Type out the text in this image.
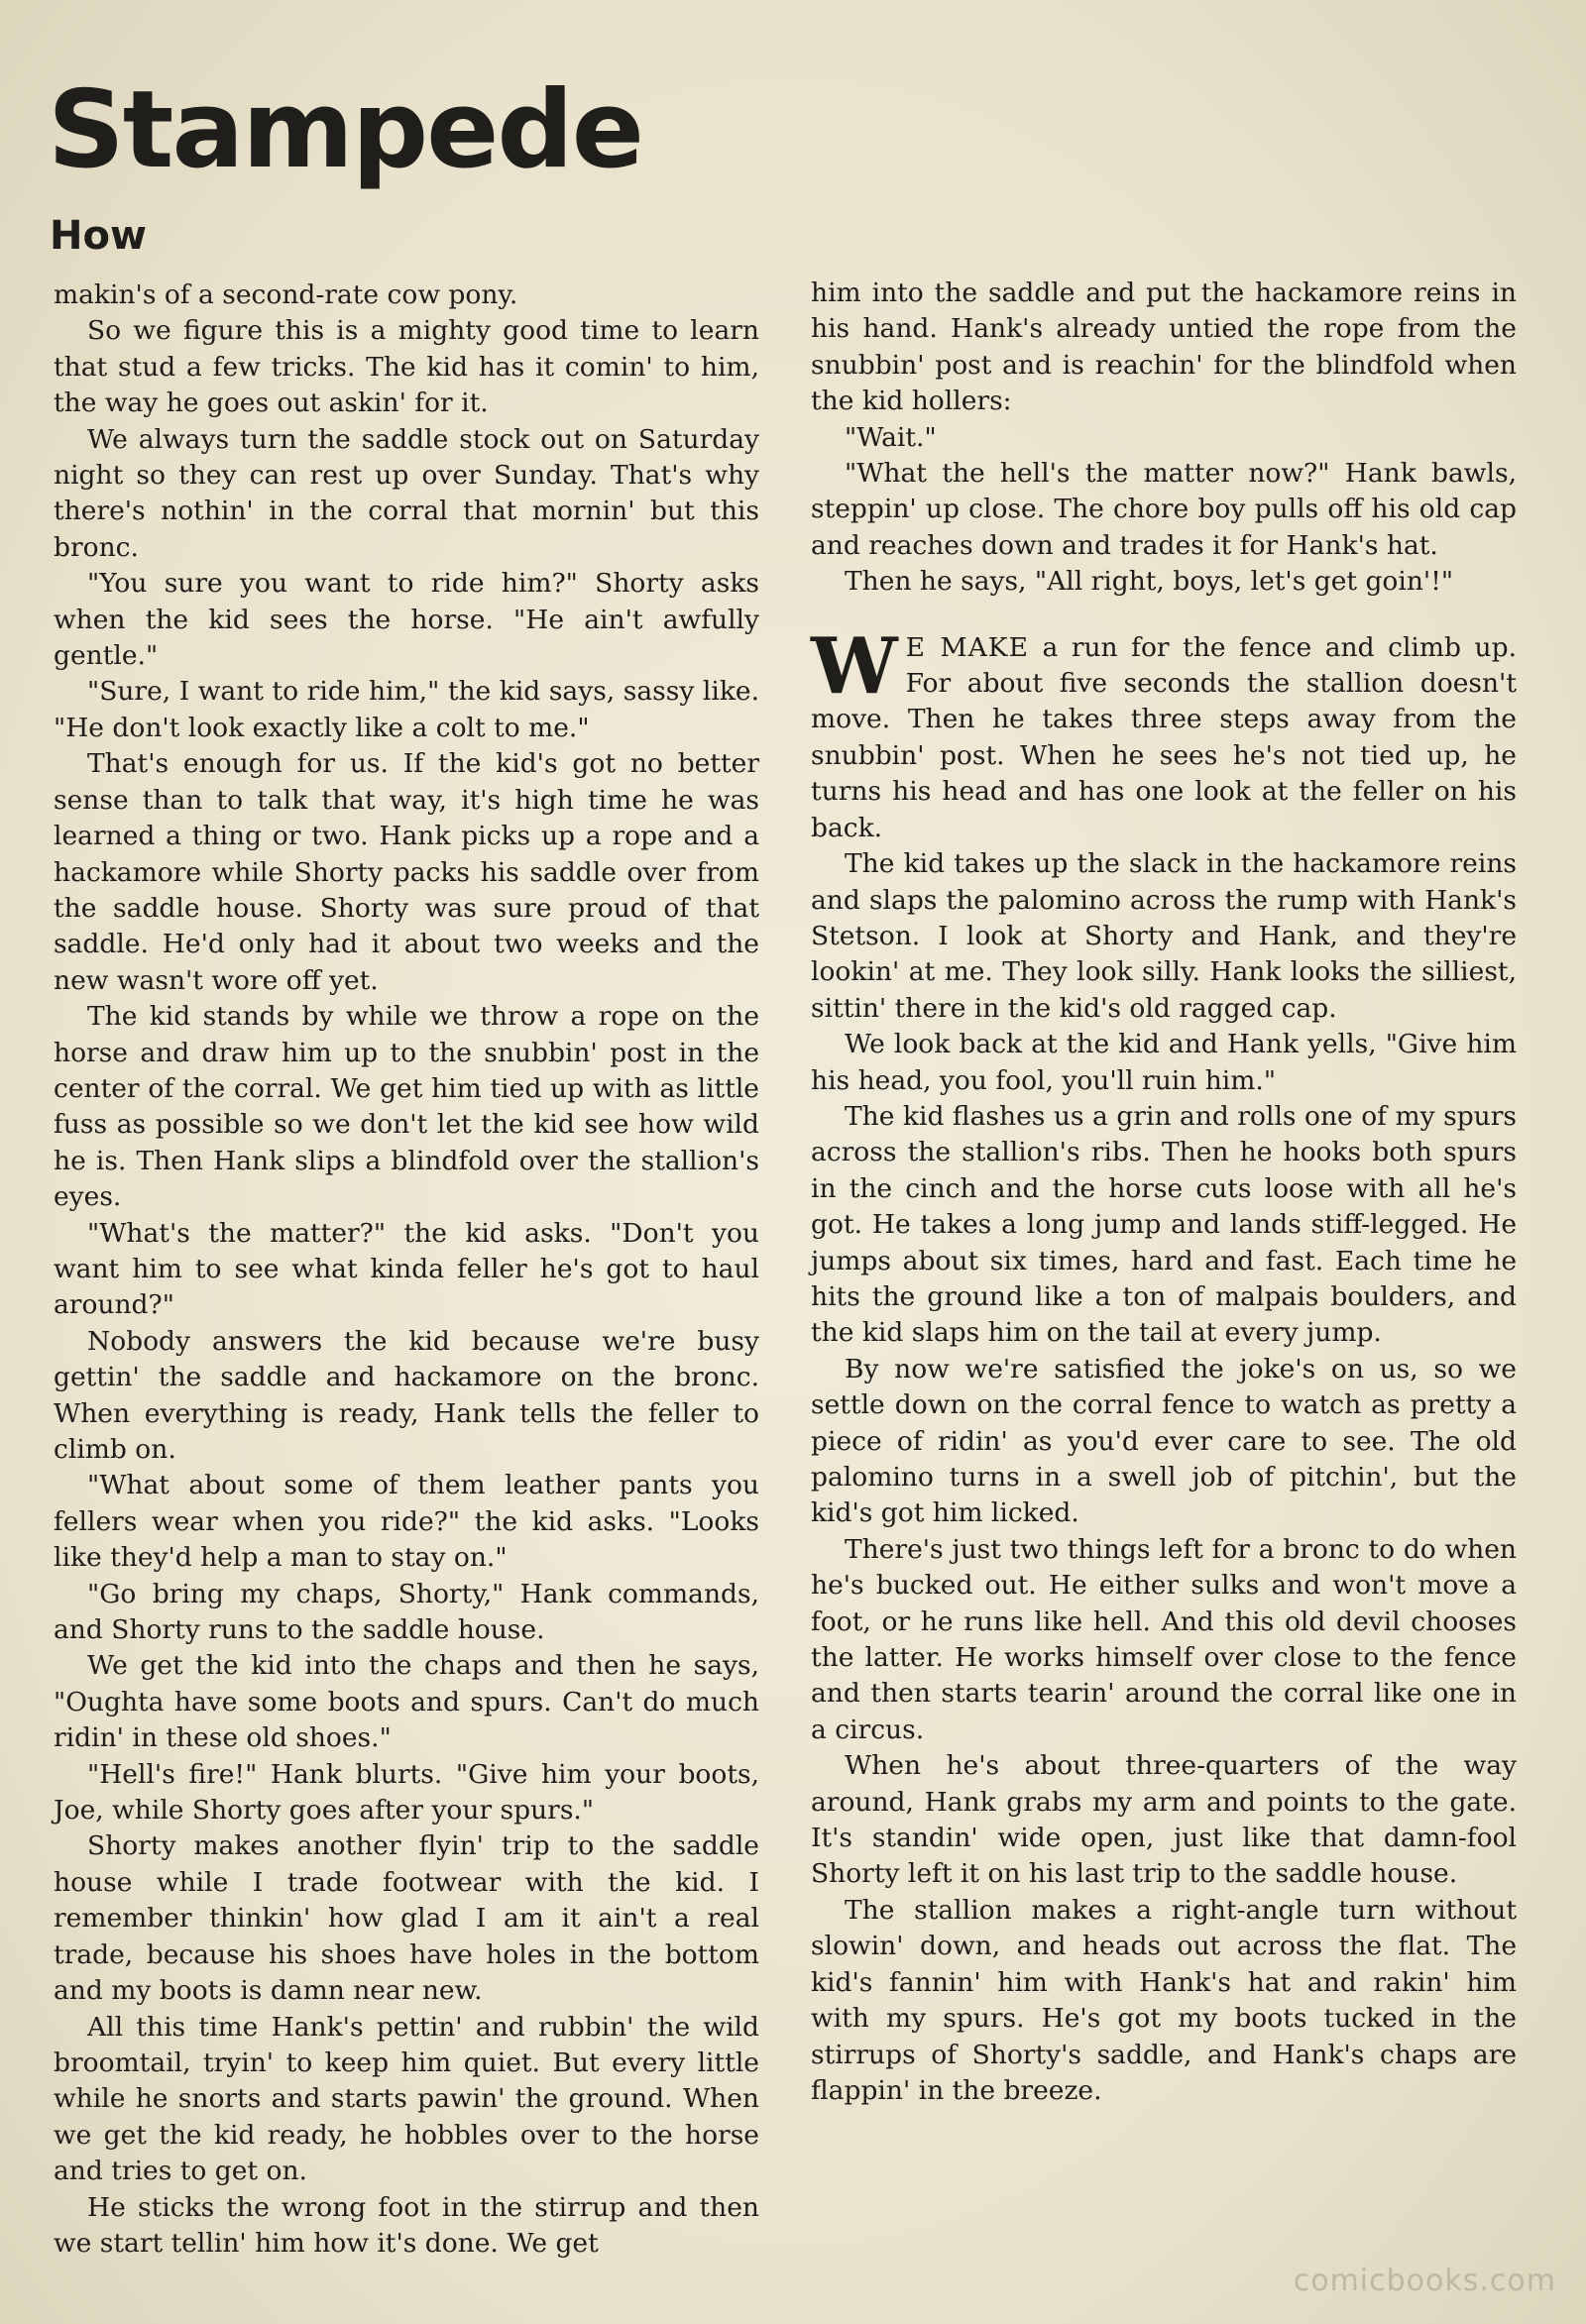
Stampede
How

makin's of a second-rate cow pony.

So we figure this is a mighty good time to learn that stud a few tricks. The kid has it comin' to him, the way he goes out askin' for it.

We always turn the saddle stock out on Saturday night so they can rest up over Sunday. That's why there's nothin' in the corral that mornin' but this bronc.

"You sure you want to ride him?" Shorty asks when the kid sees the horse. "He ain't awfully gentle."

"Sure, I want to ride him," the kid says, sassy like. "He don't look exactly like a colt to me."

That's enough for us. If the kid's got no better sense than to talk that way, it's high time he was learned a thing or two. Hank picks up a rope and a hackamore while Shorty packs his saddle over from the saddle house. Shorty was sure proud of that saddle. He'd only had it about two weeks and the new wasn't wore off yet.

The kid stands by while we throw a rope on the horse and draw him up to the snubbin' post in the center of the corral. We get him tied up with as little fuss as possible so we don't let the kid see how wild he is. Then Hank slips a blindfold over the stallion's eyes.

"What's the matter?" the kid asks. "Don't you want him to see what kinda feller he's got to haul around?"

Nobody answers the kid because we're busy gettin' the saddle and hackamore on the bronc. When everything is ready, Hank tells the feller to climb on.

"What about some of them leather pants you fellers wear when you ride?" the kid asks. "Looks like they'd help a man to stay on."

"Go bring my chaps, Shorty," Hank commands, and Shorty runs to the saddle house.

We get the kid into the chaps and then he says, "Oughta have some boots and spurs. Can't do much ridin' in these old shoes."

"Hell's fire!" Hank blurts. "Give him your boots, Joe, while Shorty goes after your spurs."

Shorty makes another flyin' trip to the saddle house while I trade footwear with the kid. I remember thinkin' how glad I am it ain't a real trade, because his shoes have holes in the bottom and my boots is damn near new.

All this time Hank's pettin' and rubbin' the wild broomtail, tryin' to keep him quiet. But every little while he snorts and starts pawin' the ground. When we get the kid ready, he hobbles over to the horse and tries to get on.

He sticks the wrong foot in the stirrup and then we start tellin' him how it's done. We get

him into the saddle and put the hackamore reins in his hand. Hank's already untied the rope from the snubbin' post and is reachin' for the blindfold when the kid hollers:

"Wait."

"What the hell's the matter now?" Hank bawls, steppin' up close. The chore boy pulls off his old cap and reaches down and trades it for Hank's hat.

Then he says, "All right, boys, let's get goin'!"

W E MAKE a run for the fence and climb up. For about five seconds the stallion doesn't move. Then he takes three steps away from the snubbin' post. When he sees he's not tied up, he turns his head and has one look at the feller on his back.

The kid takes up the slack in the hackamore reins and slaps the palomino across the rump with Hank's Stetson. I look at Shorty and Hank, and they're lookin' at me. They look silly. Hank looks the silliest, sittin' there in the kid's old ragged cap.

We look back at the kid and Hank yells, "Give him his head, you fool, you'll ruin him."

The kid flashes us a grin and rolls one of my spurs across the stallion's ribs. Then he hooks both spurs in the cinch and the horse cuts loose with all he's got. He takes a long jump and lands stiff-legged. He jumps about six times, hard and fast. Each time he hits the ground like a ton of malpais boulders, and the kid slaps him on the tail at every jump.

By now we're satisfied the joke's on us, so we settle down on the corral fence to watch as pretty a piece of ridin' as you'd ever care to see. The old palomino turns in a swell job of pitchin', but the kid's got him licked.

There's just two things left for a bronc to do when he's bucked out. He either sulks and won't move a foot, or he runs like hell. And this old devil chooses the latter. He works himself over close to the fence and then starts tearin' around the corral like one in a circus.

When he's about three-quarters of the way around, Hank grabs my arm and points to the gate. It's standin' wide open, just like that damn-fool Shorty left it on his last trip to the saddle house.

The stallion makes a right-angle turn without slowin' down, and heads out across the flat. The kid's fannin' him with Hank's hat and rakin' him with my spurs. He's got my boots tucked in the stirrups of Shorty's saddle, and Hank's chaps are flappin' in the breeze.

comicbooks.com
